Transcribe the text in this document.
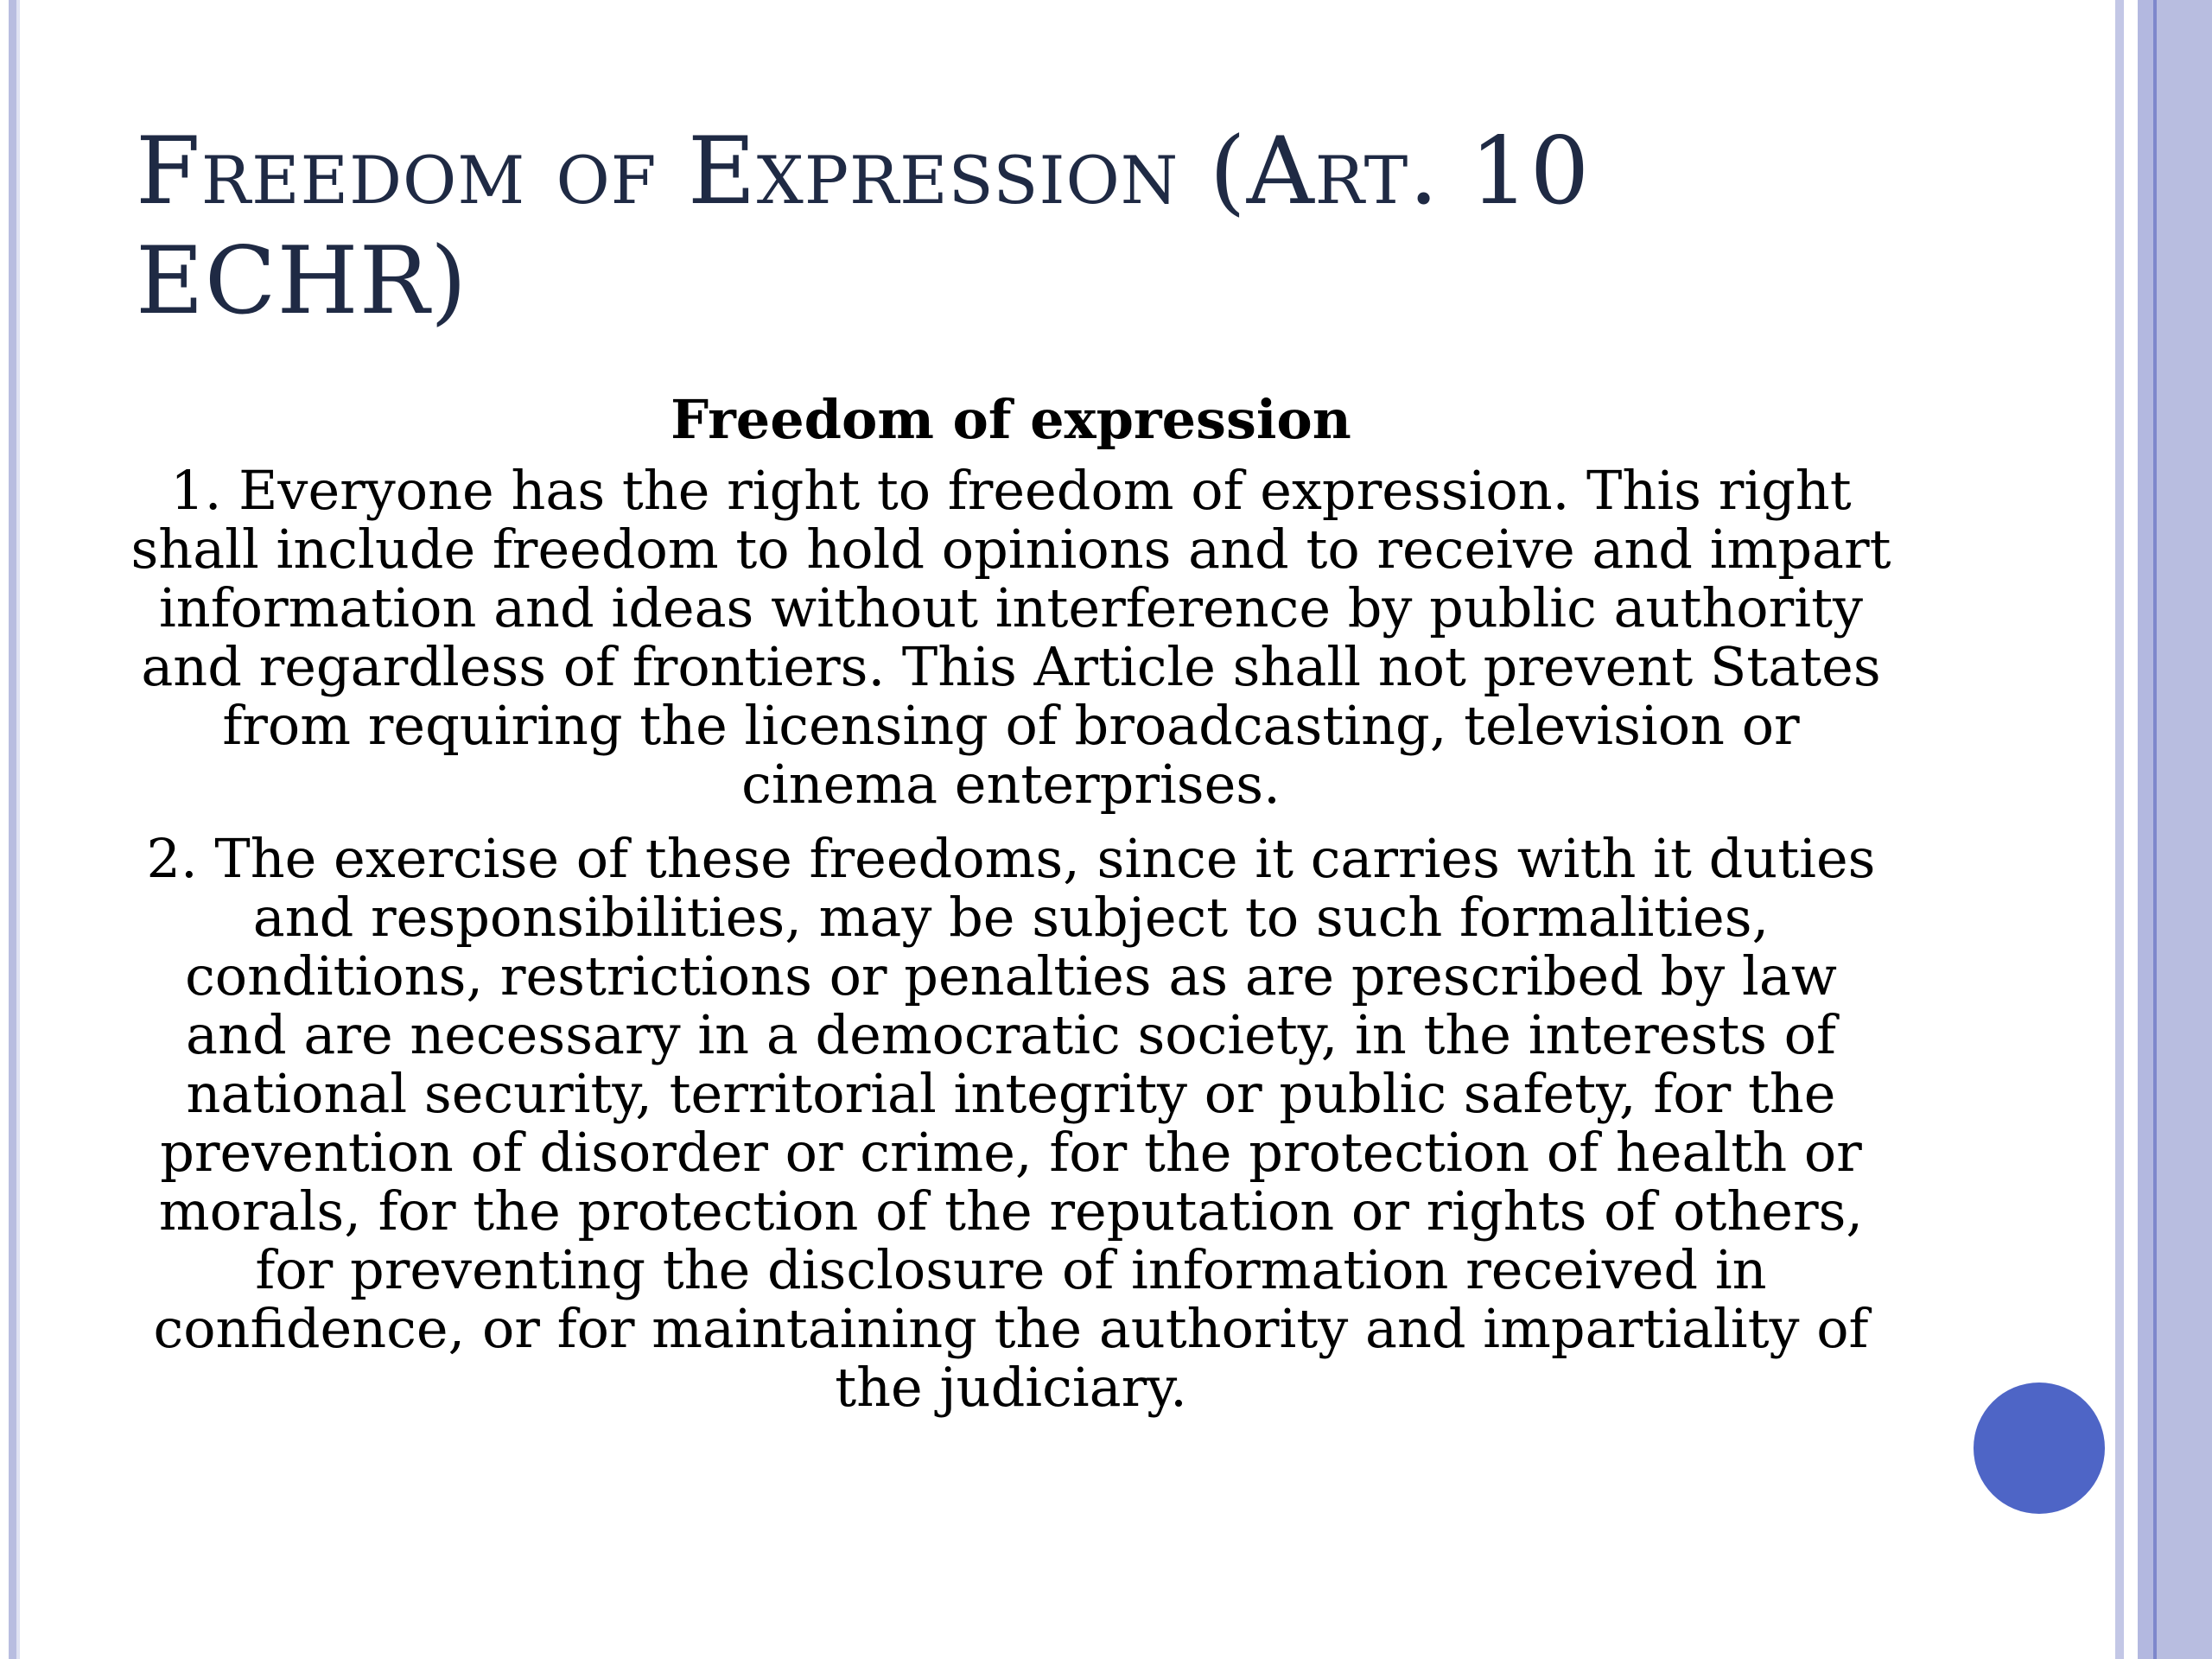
Freedom of Expression (Art. 10 ECHR)

Freedom of expression

1. Everyone has the right to freedom of expression. This right shall include freedom to hold opinions and to receive and impart information and ideas without interference by public authority and regardless of frontiers. This Article shall not prevent States from requiring the licensing of broadcasting, television or cinema enterprises.

2. The exercise of these freedoms, since it carries with it duties and responsibilities, may be subject to such formalities, conditions, restrictions or penalties as are prescribed by law and are necessary in a democratic society, in the interests of national security, territorial integrity or public safety, for the prevention of disorder or crime, for the protection of health or morals, for the protection of the reputation or rights of others, for preventing the disclosure of information received in confidence, or for maintaining the authority and impartiality of the judiciary.
